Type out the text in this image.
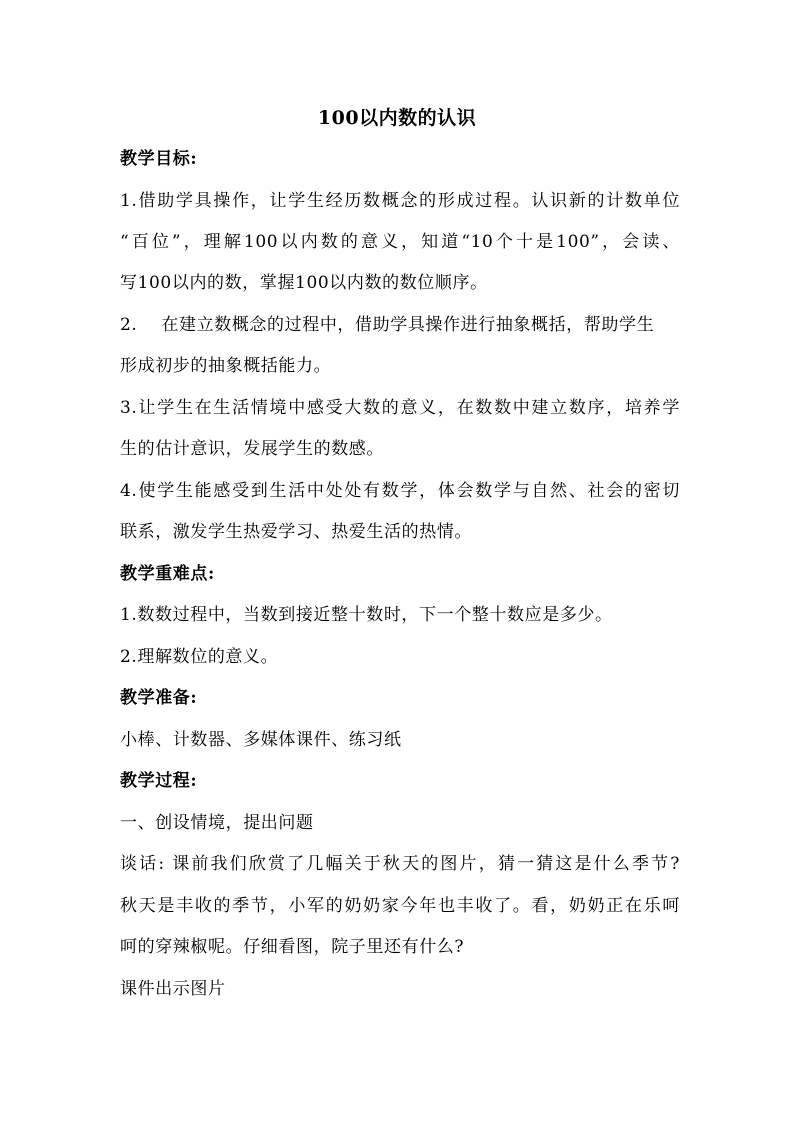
100以内数的认识
教学目标:
1.借助学具操作，让学生经历数概念的形成过程。认识新的计数单位
“百位”，理解100以内数的意义，知道“10个十是100”，会读、
写100以内的数，掌握100以内数的数位顺序。
2.    在建立数概念的过程中，借助学具操作进行抽象概括，帮助学生
形成初步的抽象概括能力。
3.让学生在生活情境中感受大数的意义，在数数中建立数序，培养学
生的估计意识，发展学生的数感。
4.使学生能感受到生活中处处有数学，体会数学与自然、社会的密切
联系，激发学生热爱学习、热爱生活的热情。
教学重难点:
1.数数过程中，当数到接近整十数时，下一个整十数应是多少。
2.理解数位的意义。
教学准备:
小棒、计数器、多媒体课件、练习纸
教学过程:
一、创设情境，提出问题
谈话: 课前我们欣赏了几幅关于秋天的图片，猜一猜这是什么季节?
秋天是丰收的季节，小军的奶奶家今年也丰收了。看，奶奶正在乐呵
呵的穿辣椒呢。仔细看图，院子里还有什么?
课件出示图片
